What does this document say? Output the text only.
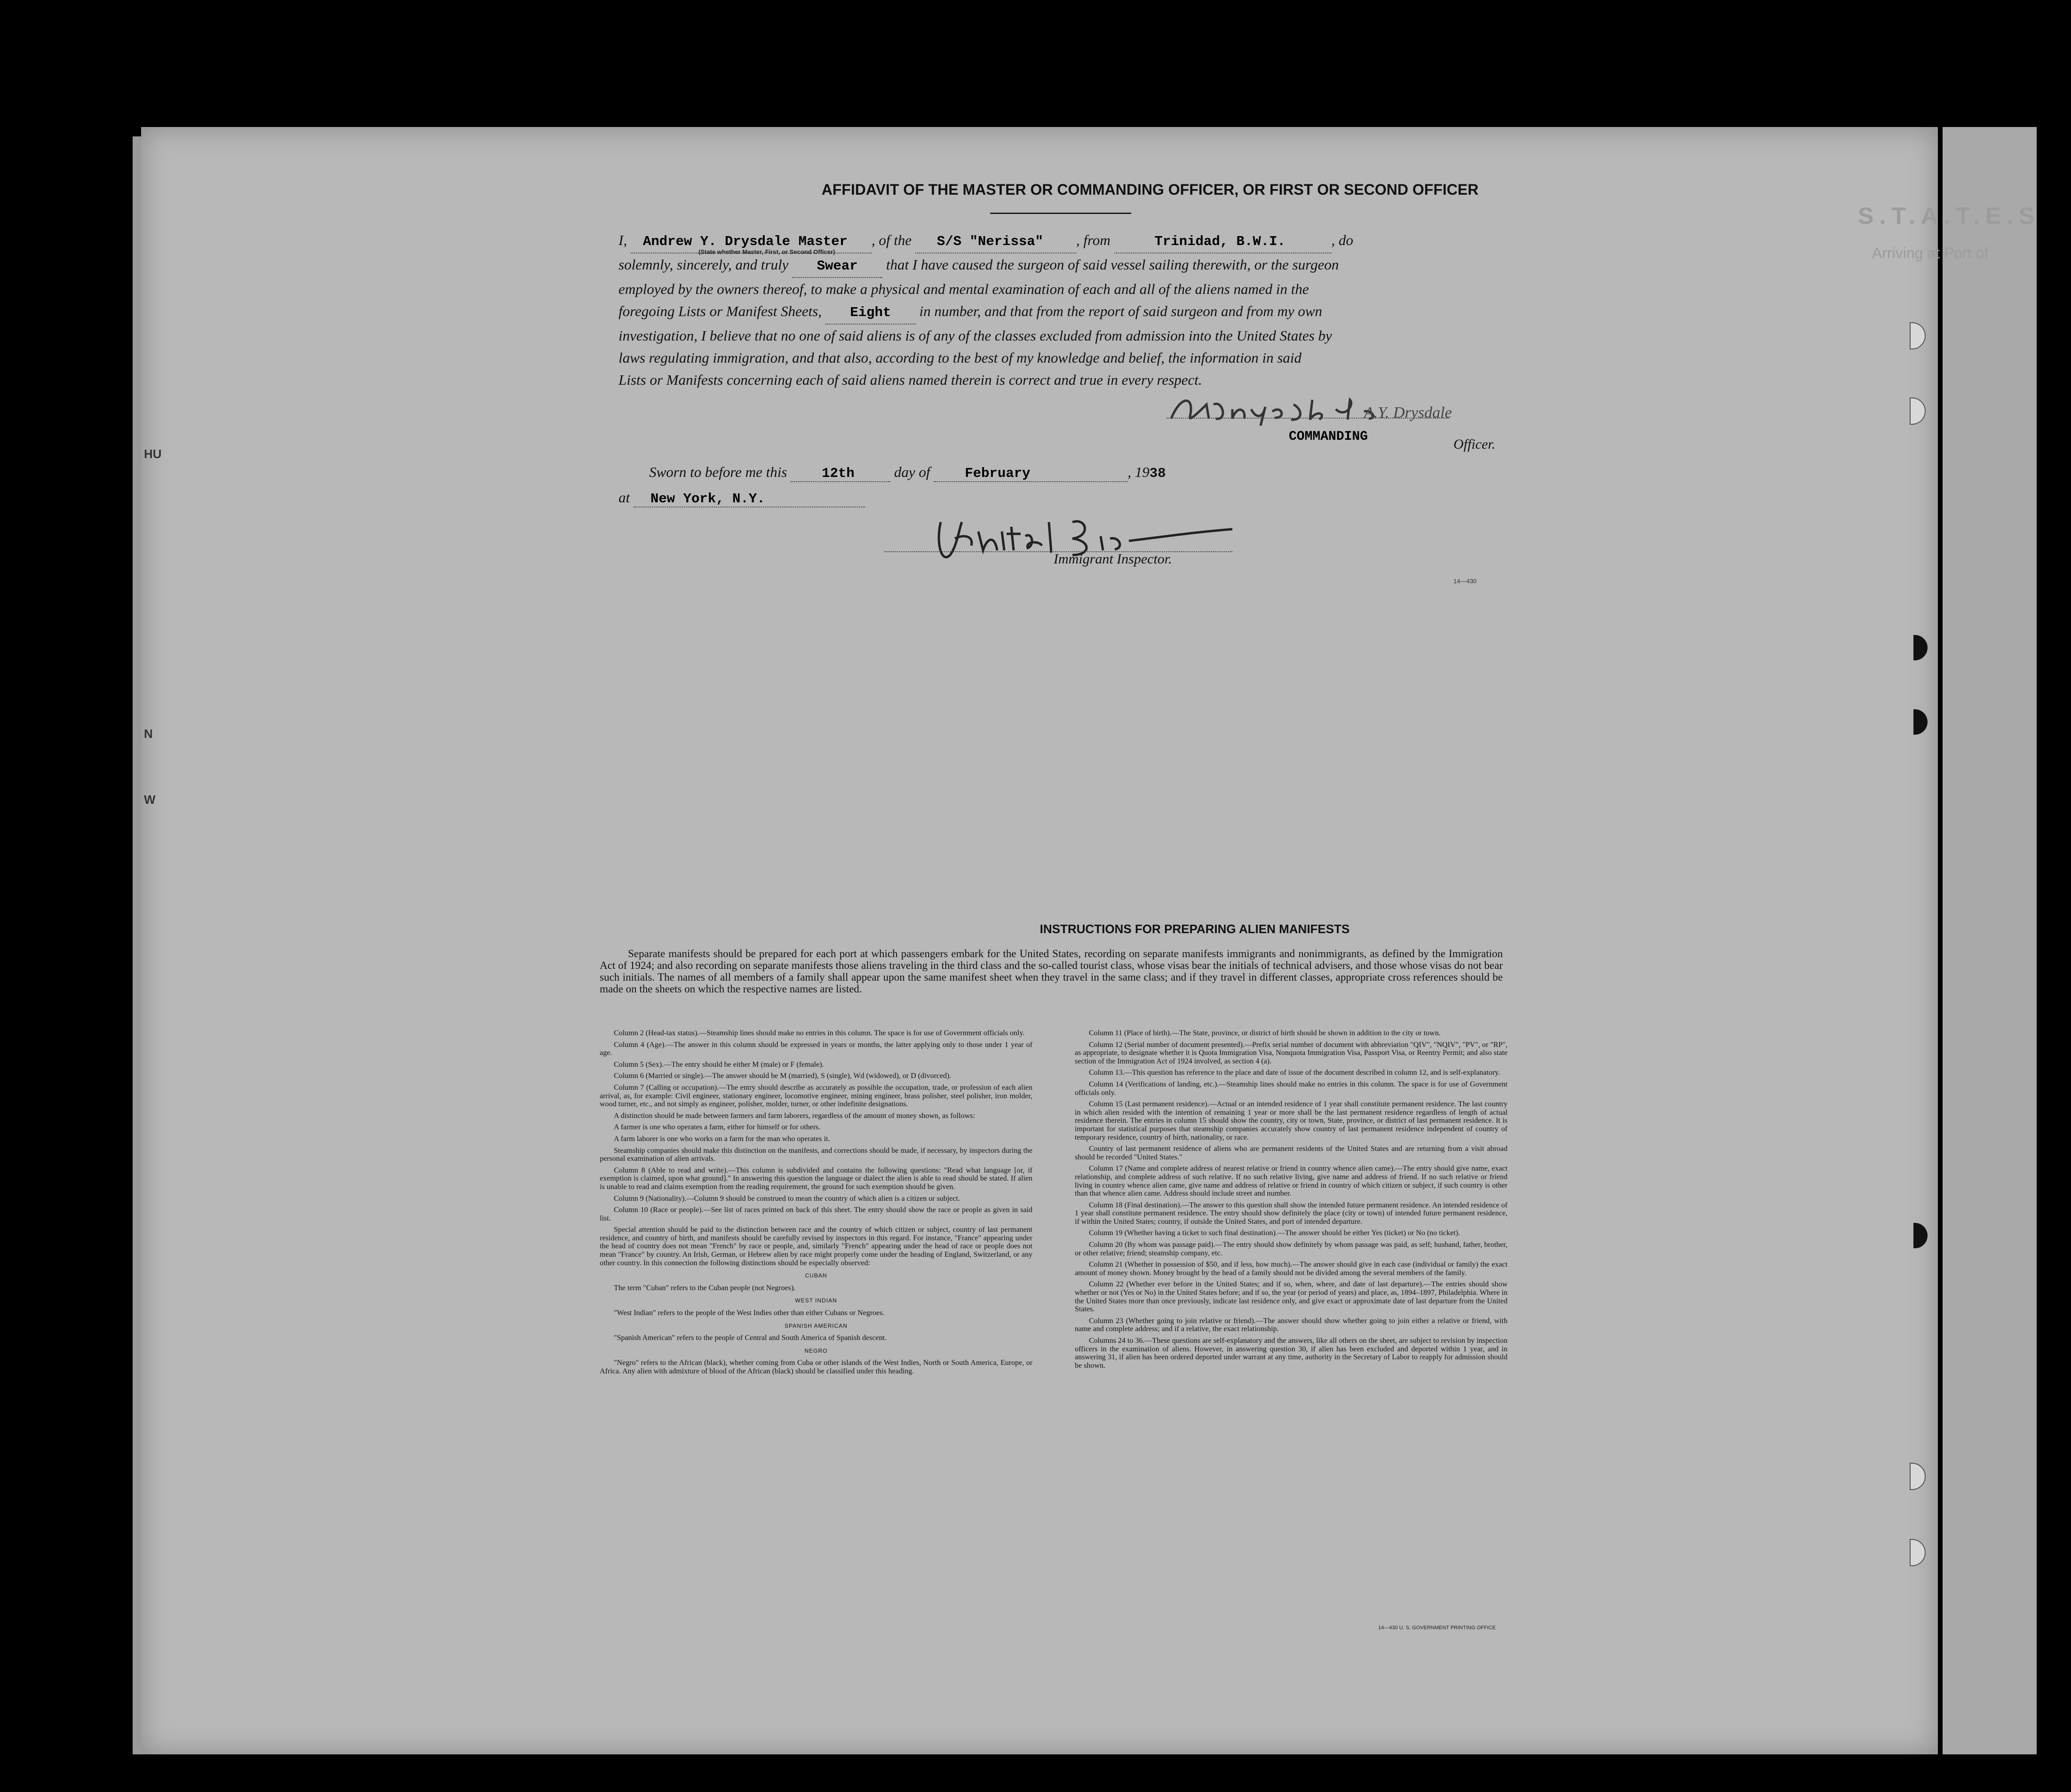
S.T.A.T.E.S
Arriving at Port of
HU
N
W
AFFIDAVIT OF THE MASTER OR COMMANDING OFFICER, OR FIRST OR SECOND OFFICER
I, Andrew Y. Drysdale Master , of the S/S "Nerissa" , from	Trinidad, B.W.I.	, do
solemnly, sincerely, and truly Swear that I have caused the surgeon of said vessel sailing therewith, or the surgeon
employed by the owners thereof, to make a physical and mental examination of each and all of the aliens named in the
foregoing Lists or Manifest Sheets, Eight in number, and that from the report of said surgeon and from my own
investigation, I believe that no one of said aliens is of any of the classes excluded from admission into the United States by
laws regulating immigration, and that also, according to the best of my knowledge and belief, the information in said
Lists or Manifests concerning each of said aliens named therein is correct and true in every respect.
(State whether Master, First, or Second Officer)
A.Y. Drysdale
COMMANDING	Officer.
Sworn to before me this	12th	day of	February	, 1938
at New York, N.Y.
Immigrant Inspector.
14—430
INSTRUCTIONS FOR PREPARING ALIEN MANIFESTS
Separate manifests should be prepared for each port at which passengers embark for the United States, recording on separate manifests immigrants and nonimmigrants, as defined by the Immigration Act of 1924; and also recording on separate manifests those aliens traveling in the third class and the so-called tourist class, whose visas bear the initials of technical advisers, and those whose visas do not bear such initials. The names of all members of a family shall appear upon the same manifest sheet when they travel in the same class; and if they travel in different classes, appropriate cross references should be made on the sheets on which the respective names are listed.

Column 2 (Head-tax status).—Steamship lines should make no entries in this column. The space is for use of Government officials only.

Column 4 (Age).—The answer in this column should be expressed in years or months, the latter applying only to those under 1 year of age.

Column 5 (Sex).—The entry should be either M (male) or F (female).

Column 6 (Married or single).—The answer should be M (married), S (single), Wd (widowed), or D (divorced).

Column 7 (Calling or occupation).—The entry should describe as accurately as possible the occupation, trade, or profession of each alien arrival, as, for example: Civil engineer, stationary engineer, locomotive engineer, mining engineer, brass polisher, steel polisher, iron molder, wood turner, etc., and not simply as engineer, polisher, molder, turner, or other indefinite designations.

A distinction should be made between farmers and farm laborers, regardless of the amount of money shown, as follows:

A farmer is one who operates a farm, either for himself or for others.

A farm laborer is one who works on a farm for the man who operates it.

Steamship companies should make this distinction on the manifests, and corrections should be made, if necessary, by inspectors during the personal examination of alien arrivals.

Column 8 (Able to read and write).—This column is subdivided and contains the following questions: "Read what language [or, if exemption is claimed, upon what ground]." In answering this question the language or dialect the alien is able to read should be stated. If alien is unable to read and claims exemption from the reading requirement, the ground for such exemption should be given.

Column 9 (Nationality).—Column 9 should be construed to mean the country of which alien is a citizen or subject.

Column 10 (Race or people).—See list of races printed on back of this sheet. The entry should show the race or people as given in said list.

Special attention should be paid to the distinction between race and the country of which citizen or subject, country of last permanent residence, and country of birth, and manifests should be carefully revised by inspectors in this regard. For instance, "France" appearing under the head of country does not mean "French" by race or people, and, similarly "French" appearing under the head of race or people does not mean "France" by country. An Irish, German, or Hebrew alien by race might properly come under the heading of England, Switzerland, or any other country. In this connection the following distinctions should be especially observed:

CUBAN

The term "Cuban" refers to the Cuban people (not Negroes).

WEST INDIAN

"West Indian" refers to the people of the West Indies other than either Cubans or Negroes.

SPANISH AMERICAN

"Spanish American" refers to the people of Central and South America of Spanish descent.

NEGRO

"Negro" refers to the African (black), whether coming from Cuba or other islands of the West Indies, North or South America, Europe, or Africa. Any alien with admixture of blood of the African (black) should be classified under this heading.

Column 11 (Place of birth).—The State, province, or district of birth should be shown in addition to the city or town.

Column 12 (Serial number of document presented).—Prefix serial number of document with abbreviation "QIV", "NQIV", "PV", or "RP", as appropriate, to designate whether it is Quota Immigration Visa, Nonquota Immigration Visa, Passport Visa, or Reentry Permit; and also state section of the Immigration Act of 1924 involved, as section 4 (a).

Column 13.—This question has reference to the place and date of issue of the document described in column 12, and is self-explanatory.

Column 14 (Verifications of landing, etc.).—Steamship lines should make no entries in this column. The space is for use of Government officials only.

Column 15 (Last permanent residence).—Actual or an intended residence of 1 year shall constitute permanent residence. The last country in which alien resided with the intention of remaining 1 year or more shall be the last permanent residence regardless of length of actual residence therein. The entries in column 15 should show the country, city or town, State, province, or district of last permanent residence. It is important for statistical purposes that steamship companies accurately show country of last permanent residence independent of country of temporary residence, country of birth, nationality, or race.

Country of last permanent residence of aliens who are permanent residents of the United States and are returning from a visit abroad should be recorded "United States."

Column 17 (Name and complete address of nearest relative or friend in country whence alien came).—The entry should give name, exact relationship, and complete address of such relative. If no such relative living, give name and address of friend. If no such relative or friend living in country whence alien came, give name and address of relative or friend in country of which citizen or subject, if such country is other than that whence alien came. Address should include street and number.

Column 18 (Final destination).—The answer to this question shall show the intended future permanent residence. An intended residence of 1 year shall constitute permanent residence. The entry should show definitely the place (city or town) of intended future permanent residence, if within the United States; country, if outside the United States, and port of intended departure.

Column 19 (Whether having a ticket to such final destination).—The answer should be either Yes (ticket) or No (no ticket).

Column 20 (By whom was passage paid).—The entry should show definitely by whom passage was paid, as self; husband, father, brother, or other relative; friend; steamship company, etc.

Column 21 (Whether in possession of $50, and if less, how much).—The answer should give in each case (individual or family) the exact amount of money shown. Money brought by the head of a family should not be divided among the several members of the family.

Column 22 (Whether ever before in the United States; and if so, when, where, and date of last departure).—The entries should show whether or not (Yes or No) in the United States before; and if so, the year (or period of years) and place, as, 1894–1897, Philadelphia. Where in the United States more than once previously, indicate last residence only, and give exact or approximate date of last departure from the United States.

Column 23 (Whether going to join relative or friend).—The answer should show whether going to join either a relative or friend, with name and complete address; and if a relative, the exact relationship.

Columns 24 to 36.—These questions are self-explanatory and the answers, like all others on the sheet, are subject to revision by inspection officers in the examination of aliens. However, in answering question 30, if alien has been excluded and deported within 1 year, and in answering 31, if alien has been ordered deported under warrant at any time, authority in the Secretary of Labor to reapply for admission should be shown.

14—430 U. S. GOVERNMENT PRINTING OFFICE
